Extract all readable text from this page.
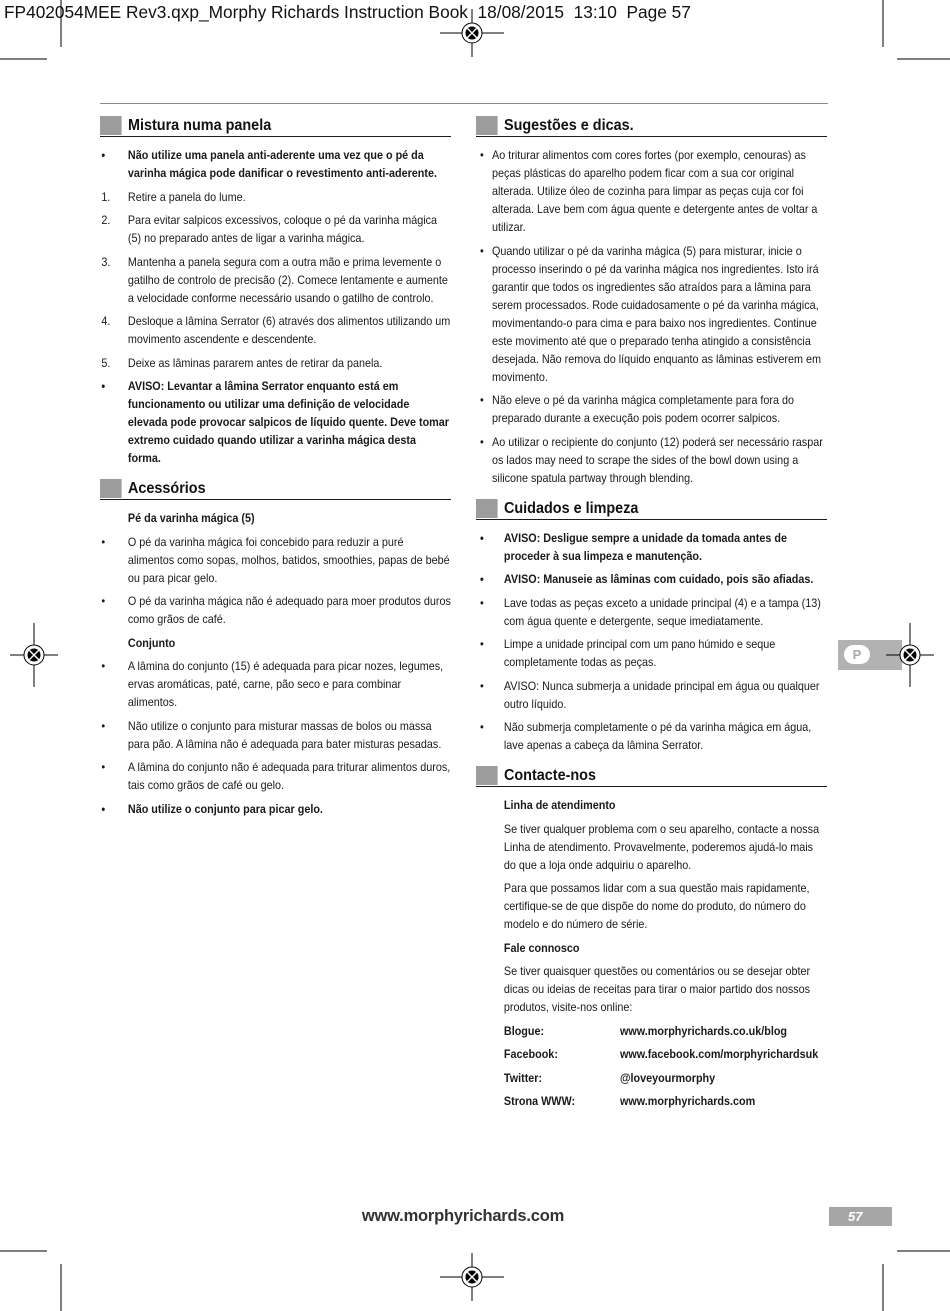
FP402054MEE Rev3.qxp_Morphy Richards Instruction Book  18/08/2015  13:10  Page 57
Mistura numa panela
•	Não utilize uma panela anti-aderente uma vez que o pé da varinha mágica pode danificar o revestimento anti-aderente.
1.	Retire a panela do lume.
2.	Para evitar salpicos excessivos, coloque o pé da varinha mágica (5) no preparado antes de ligar a varinha mágica.
3.	Mantenha a panela segura com a outra mão e prima levemente o gatilho de controlo de precisão (2). Comece lentamente e aumente a velocidade conforme necessário usando o gatilho de controlo.
4.	Desloque a lâmina Serrator (6) através dos alimentos utilizando um movimento ascendente e descendente.
5.	Deixe as lâminas pararem antes de retirar da panela.
•	AVISO: Levantar a lâmina Serrator enquanto está em funcionamento ou utilizar uma definição de velocidade elevada pode provocar salpicos de líquido quente. Deve tomar extremo cuidado quando utilizar a varinha mágica desta forma.
Acessórios
Pé da varinha mágica (5)
•	O pé da varinha mágica foi concebido para reduzir a puré alimentos como sopas, molhos, batidos, smoothies, papas de bebé ou para picar gelo.
•	O pé da varinha mágica não é adequado para moer produtos duros como grãos de café.
Conjunto
•	A lâmina do conjunto (15) é adequada para picar nozes, legumes, ervas aromáticas, paté, carne, pão seco e para combinar alimentos.
•	Não utilize o conjunto para misturar massas de bolos ou massa para pão. A lâmina não é adequada para bater misturas pesadas.
•	A lâmina do conjunto não é adequada para triturar alimentos duros, tais como grãos de café ou gelo.
•	Não utilize o conjunto para picar gelo.
Sugestões e dicas.
• Ao triturar alimentos com cores fortes (por exemplo, cenouras) as peças plásticas do aparelho podem ficar com a sua cor original alterada. Utilize óleo de cozinha para limpar as peças cuja cor foi alterada. Lave bem com água quente e detergente antes de voltar a utilizar.
• Quando utilizar o pé da varinha mágica (5) para misturar, inicie o processo inserindo o pé da varinha mágica nos ingredientes. Isto irá garantir que todos os ingredientes são atraídos para a lâmina para serem processados. Rode cuidadosamente o pé da varinha mágica, movimentando-o para cima e para baixo nos ingredientes. Continue este movimento até que o preparado tenha atingido a consistência desejada. Não remova do líquido enquanto as lâminas estiverem em movimento.
• Não eleve o pé da varinha mágica completamente para fora do preparado durante a execução pois podem ocorrer salpicos.
• Ao utilizar o recipiente do conjunto (12) poderá ser necessário raspar os lados may need to scrape the sides of the bowl down using a silicone spatula partway through blending.
Cuidados e limpeza
•	AVISO: Desligue sempre a unidade da tomada antes de proceder à sua limpeza e manutenção.
•	AVISO: Manuseie as lâminas com cuidado, pois são afiadas.
•	Lave todas as peças exceto a unidade principal (4) e a tampa (13) com água quente e detergente, seque imediatamente.
•	Limpe a unidade principal com um pano húmido e seque completamente todas as peças.
•	AVISO: Nunca submerja a unidade principal em água ou qualquer outro líquido.
•	Não submerja completamente o pé da varinha mágica em água, lave apenas a cabeça da lâmina Serrator.
Contacte-nos
Linha de atendimento

Se tiver qualquer problema com o seu aparelho, contacte a nossa Linha de atendimento. Provavelmente, poderemos ajudá-lo mais do que a loja onde adquiriu o aparelho.

Para que possamos lidar com a sua questão mais rapidamente, certifique-se de que dispõe do nome do produto, do número do modelo e do número de série.

Fale connosco

Se tiver quaisquer questões ou comentários ou se desejar obter dicas ou ideias de receitas para tirar o maior partido dos nossos produtos, visite-nos online:

Blogue:	www.morphyrichards.co.uk/blog
Facebook:	www.facebook.com/morphyrichardsuk
Twitter:	@loveyourmorphy
Strona WWW:	www.morphyrichards.com
P
www.morphyrichards.com	57
